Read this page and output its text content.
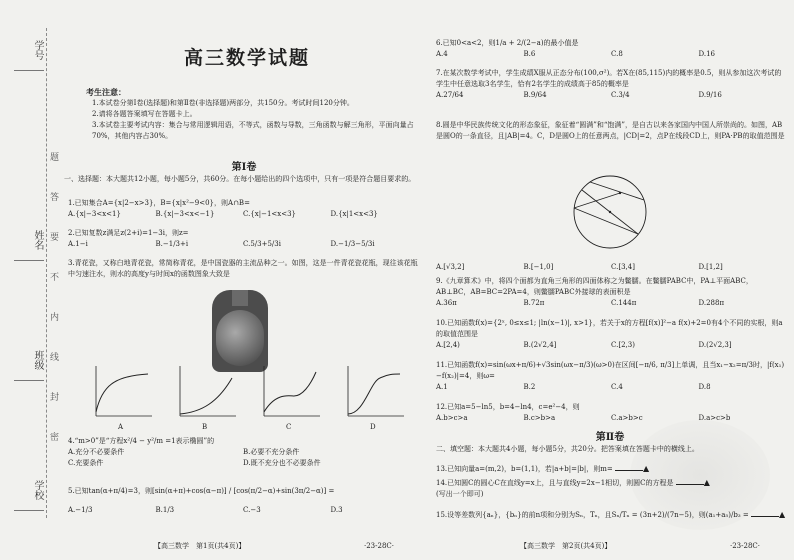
学号
姓名
班级
学校
题
答
要
不
内
线
封
密
高三数学试题
考生注意：
1.本试卷分第Ⅰ卷(选择题)和第Ⅱ卷(非选择题)两部分，共150分。考试时间120分钟。
2.请将各题答案填写在答题卡上。
3.本试卷主要考试内容：集合与常用逻辑用语，不等式，函数与导数，三角函数与解三角形，平面向量占70%，其他内容占30%。
第Ⅰ卷
一、选择题：本大题共12小题，每小题5分，共60分。在每小题给出的四个选项中，只有一项是符合题目要求的。
1.已知集合A={x|2−x>3}，B={x|x²−9<0}，则A∩B=
A.{x|−3<x<1}	B.{x|−3<x<−1}	C.{x|−1<x<3}	D.{x|1<x<3}
2.已知复数z满足z(2+i)=1−3i，则z=
A.1−i	B.−1/3+i	C.5/3+5/3i	D.−1/3−5/3i
3.青花瓷，又称白地青花瓷，常简称青花，是中国瓷器的主流品种之一。如图，这是一件青花瓷花瓶，现往该花瓶中匀速注水，则水的高度y与时间x的函数图象大致是
A	B	C	D
4.“m>0”是“方程x²/4 − y²/m =1表示椭圆”的
A.充分不必要条件	B.必要不充分条件
C.充要条件	D.既不充分也不必要条件
5.已知tan(α+π/4)=3，则[sin(α+π)+cos(α−π)] / [cos(π/2−α)+sin(3π/2−α)] =
A.−1/3	B.1/3	C.−3	D.3
【高三数学　第1页(共4页)】	·23-28C·
6.已知0<a<2，则1/a + 2/(2−a)的最小值是
A.4	B.6	C.8	D.16
7.在某次数学考试中，学生成绩X服从正态分布(100,σ²)。若X在(85,115)内的概率是0.5，则从参加这次考试的学生中任意选取3名学生，恰有2名学生的成绩高于85的概率是
A.27/64	B.9/64	C.3/4	D.9/16
8.圆是中华民族传统文化的形态象征，象征着“圆满”和“饱满”，是自古以来各家国内中国人所崇尚的。如图，AB是圆O的一条直径，且|AB|=4。C，D是圆O上的任意两点，|CD|=2，点P在线段CD上，则PA·PB的取值范围是
A.[√3,2]	B.[−1,0]	C.[3,4]	D.[1,2]
9.《九章算术》中，将四个面都为直角三角形的四面体称之为鳖臑。在鳖臑PABC中，PA⊥平面ABC，AB⊥BC，AB=BC=2PA=4，则鳖臑PABC外接球的表面积是
A.36π	B.72π	C.144π	D.288π
10.已知函数f(x)={2ˣ, 0≤x≤1; |ln(x−1)|, x>1}，若关于x的方程[f(x)]²−a f(x)+2=0有4个不同的实根，则a的取值范围是
A.[2,4)	B.(2√2,4]	C.[2,3)	D.(2√2,3]
11.已知函数f(x)=sin(ωx+π/6)+√3sin(ωx−π/3)(ω>0)在区间[−π/6, π/3]上单调，且当x₁−x₂=π/3时，|f(x₁)−f(x₂)|=4，则ω=
A.1	B.2	C.4	D.8
12.已知a=5−ln5，b=4−ln4，c=e²−4，则
A.b>c>a	B.c>b>a	C.a>b>c	D.a>c>b
第Ⅱ卷
二、填空题：本大题共4小题，每小题5分，共20分。把答案填在答题卡中的横线上。
13.已知向量a=(m,2)，b=(1,1)，若|a+b|=|b|，则m=	▲
14.已知圆C的圆心C在直线y=x上，且与直线y=2x−1相切，则圆C的方程是	▲
(写出一个即可)
15.设等差数列{aₙ}，{bₙ}的前n项和分别为Sₙ，Tₙ，且Sₙ/Tₙ = (3n+2)/(7n−5)，则(a₁+a₅)/b₃ =	▲
【高三数学　第2页(共4页)】	·23-28C·
